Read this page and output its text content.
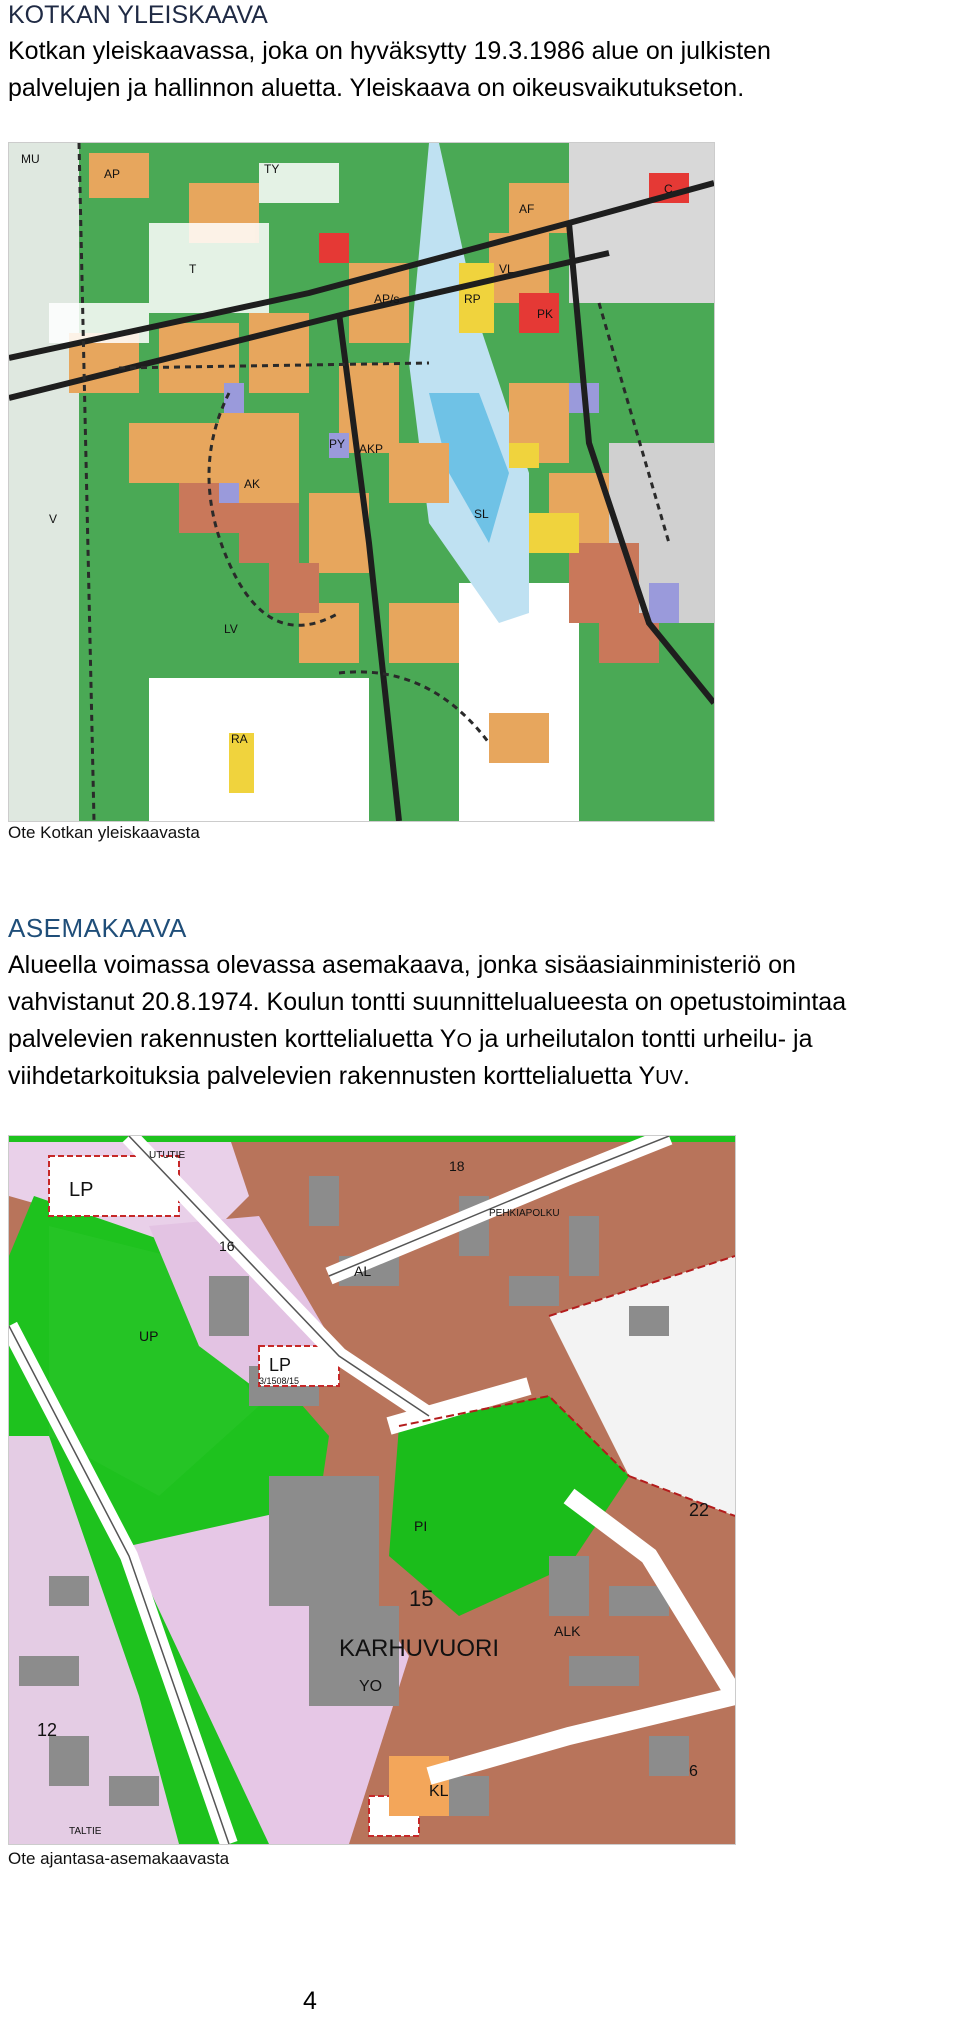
KOTKAN YLEISKAAVA
Kotkan yleiskaavassa, joka on hyväksytty 19.3.1986 alue on julkisten
palvelujen ja hallinnon aluetta. Yleiskaava on oikeusvaikutukseton.
AP	TY
MU
T
AP/s
AF
VL
C
RP
PK
V
PY
AK
AKP
SL
LV
RA
Ote Kotkan yleiskaavasta
ASEMAKAAVA
Alueella voimassa olevassa asemakaava, jonka sisäasiainministeriö on
vahvistanut 20.8.1974. Koulun tontti suunnittelualueesta on opetustoimintaa
palvelevien rakennusten korttelialuetta YO ja urheilutalon tontti urheilu- ja
viihdetarkoituksia palvelevien rakennusten korttelialuetta YUV.
LP
UTUTIE
UP
PEHKIAPOLKU
16
18
AL
LP
3/1508/15
PI
15
KARHUVUORI
YO
KL
ALK
22
12
6
TALTIE
Ote ajantasa-asemakaavasta
4
